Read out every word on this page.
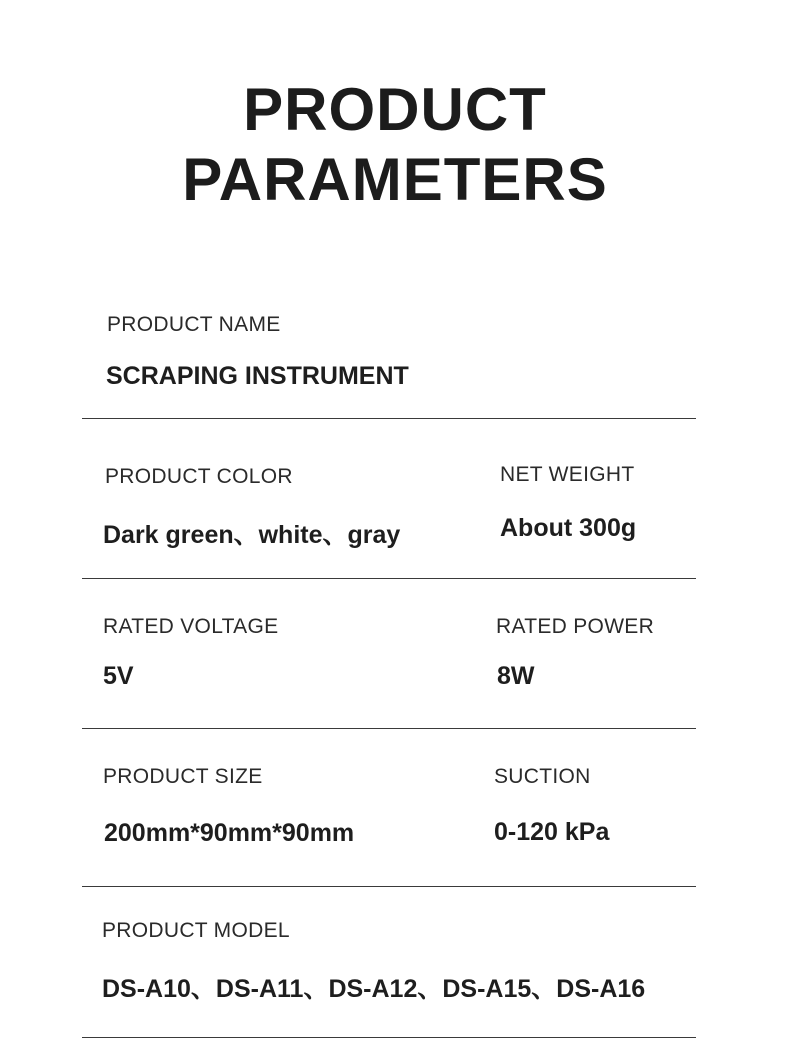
PRODUCT
PARAMETERS
PRODUCT NAME
SCRAPING INSTRUMENT
PRODUCT COLOR
Dark green、white、gray
NET WEIGHT
About 300g
RATED VOLTAGE
5V
RATED POWER
8W
PRODUCT SIZE
200mm*90mm*90mm
SUCTION
0-120 kPa
PRODUCT MODEL
DS-A10、DS-A11、DS-A12、DS-A15、DS-A16
